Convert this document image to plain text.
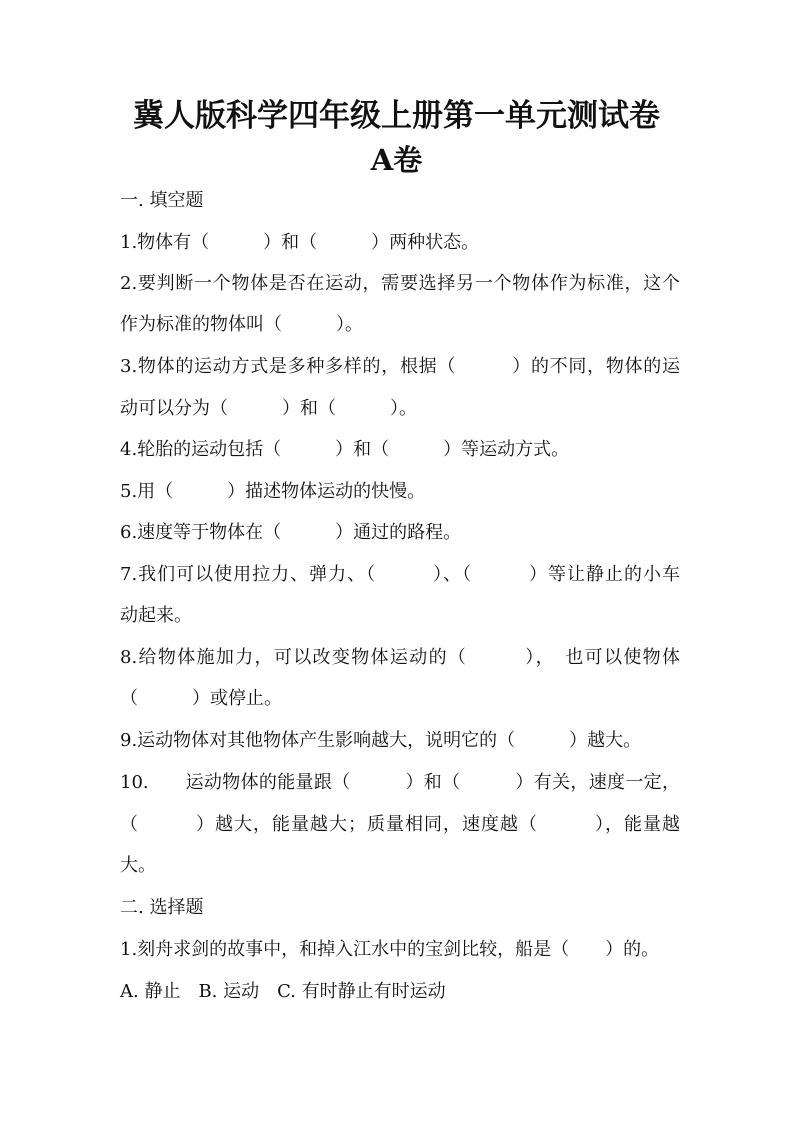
冀人版科学四年级上册第一单元测试卷
A卷

一. 填空题

1.物体有（　　　）和（　　　）两种状态。

2.要判断一个物体是否在运动，需要选择另一个物体作为标准，这个

作为标准的物体叫（　　　）。

3.物体的运动方式是多种多样的，根据（　　　）的不同，物体的运

动可以分为（　　　）和（　　　）。

4.轮胎的运动包括（　　　）和（　　　）等运动方式。

5.用（　　　）描述物体运动的快慢。

6.速度等于物体在（　　　）通过的路程。

7.我们可以使用拉力、弹力、（　　　）、（　　　）等让静止的小车

动起来。

8.给物体施加力，可以改变物体运动的（　　　），　也可以使物体

（　　　）或停止。

9.运动物体对其他物体产生影响越大，说明它的（　　　）越大。

10.　　运动物体的能量跟（　　　）和（　　　）有关，速度一定，

（　　　）越大，能量越大；质量相同，速度越（　　　），能量越

大。

二. 选择题

1.刻舟求剑的故事中，和掉入江水中的宝剑比较，船是（　　）的。

A. 静止　B. 运动　C. 有时静止有时运动
